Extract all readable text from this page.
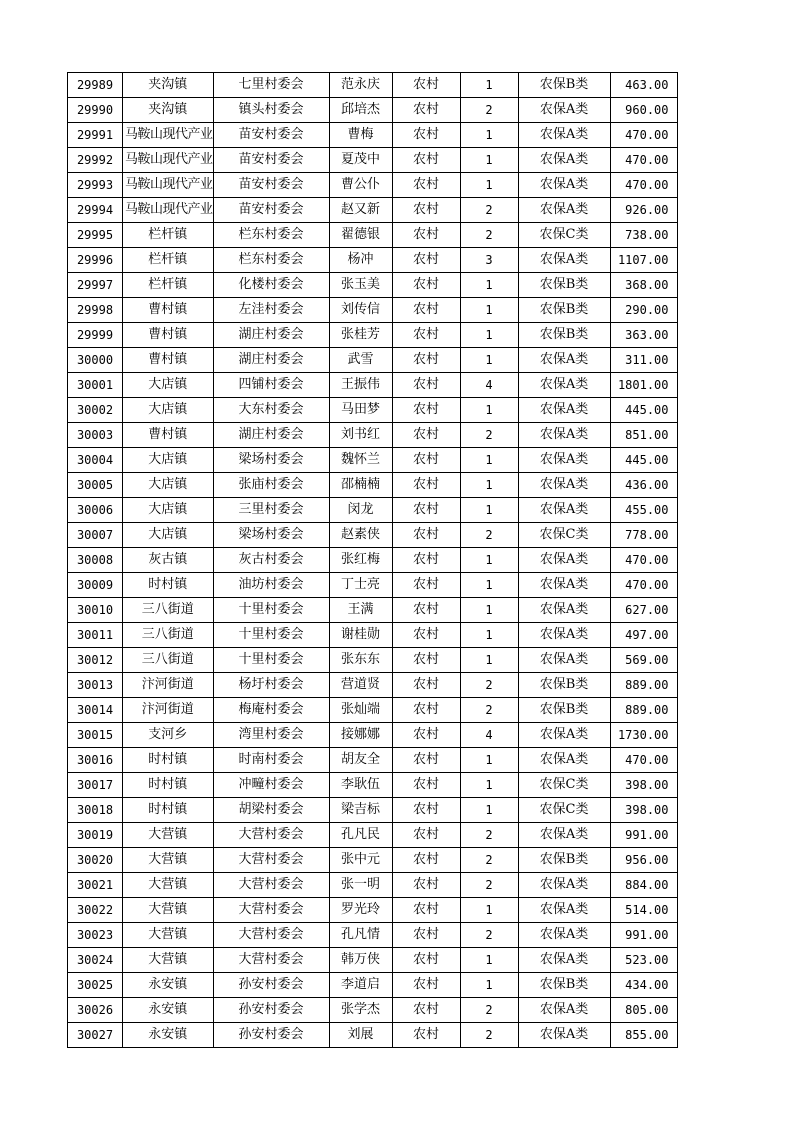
29989	夹沟镇	七里村委会	范永庆	农村	1	农保B类	463.00
29990	夹沟镇	镇头村委会	邱培杰	农村	2	农保A类	960.00
29991	马鞍山现代产业	苗安村委会	曹梅	农村	1	农保A类	470.00
29992	马鞍山现代产业	苗安村委会	夏茂中	农村	1	农保A类	470.00
29993	马鞍山现代产业	苗安村委会	曹公仆	农村	1	农保A类	470.00
29994	马鞍山现代产业	苗安村委会	赵又新	农村	2	农保A类	926.00
29995	栏杆镇	栏东村委会	翟德银	农村	2	农保C类	738.00
29996	栏杆镇	栏东村委会	杨冲	农村	3	农保A类	1107.00
29997	栏杆镇	化楼村委会	张玉美	农村	1	农保B类	368.00
29998	曹村镇	左洼村委会	刘传信	农村	1	农保B类	290.00
29999	曹村镇	湖庄村委会	张桂芳	农村	1	农保B类	363.00
30000	曹村镇	湖庄村委会	武雪	农村	1	农保A类	311.00
30001	大店镇	四铺村委会	王振伟	农村	4	农保A类	1801.00
30002	大店镇	大东村委会	马田梦	农村	1	农保A类	445.00
30003	曹村镇	湖庄村委会	刘书红	农村	2	农保A类	851.00
30004	大店镇	梁场村委会	魏怀兰	农村	1	农保A类	445.00
30005	大店镇	张庙村委会	邵楠楠	农村	1	农保A类	436.00
30006	大店镇	三里村委会	闵龙	农村	1	农保A类	455.00
30007	大店镇	梁场村委会	赵素侠	农村	2	农保C类	778.00
30008	灰古镇	灰古村委会	张红梅	农村	1	农保A类	470.00
30009	时村镇	油坊村委会	丁士亮	农村	1	农保A类	470.00
30010	三八街道	十里村委会	王满	农村	1	农保A类	627.00
30011	三八街道	十里村委会	谢桂勋	农村	1	农保A类	497.00
30012	三八街道	十里村委会	张东东	农村	1	农保A类	569.00
30013	汴河街道	杨圩村委会	营道贤	农村	2	农保B类	889.00
30014	汴河街道	梅庵村委会	张灿端	农村	2	农保B类	889.00
30015	支河乡	湾里村委会	接娜娜	农村	4	农保A类	1730.00
30016	时村镇	时南村委会	胡友全	农村	1	农保A类	470.00
30017	时村镇	冲疃村委会	李耿伍	农村	1	农保C类	398.00
30018	时村镇	胡梁村委会	梁吉标	农村	1	农保C类	398.00
30019	大营镇	大营村委会	孔凡民	农村	2	农保A类	991.00
30020	大营镇	大营村委会	张中元	农村	2	农保B类	956.00
30021	大营镇	大营村委会	张一明	农村	2	农保A类	884.00
30022	大营镇	大营村委会	罗光玲	农村	1	农保A类	514.00
30023	大营镇	大营村委会	孔凡情	农村	2	农保A类	991.00
30024	大营镇	大营村委会	韩万侠	农村	1	农保A类	523.00
30025	永安镇	孙安村委会	李道启	农村	1	农保B类	434.00
30026	永安镇	孙安村委会	张学杰	农村	2	农保A类	805.00
30027	永安镇	孙安村委会	刘展	农村	2	农保A类	855.00
